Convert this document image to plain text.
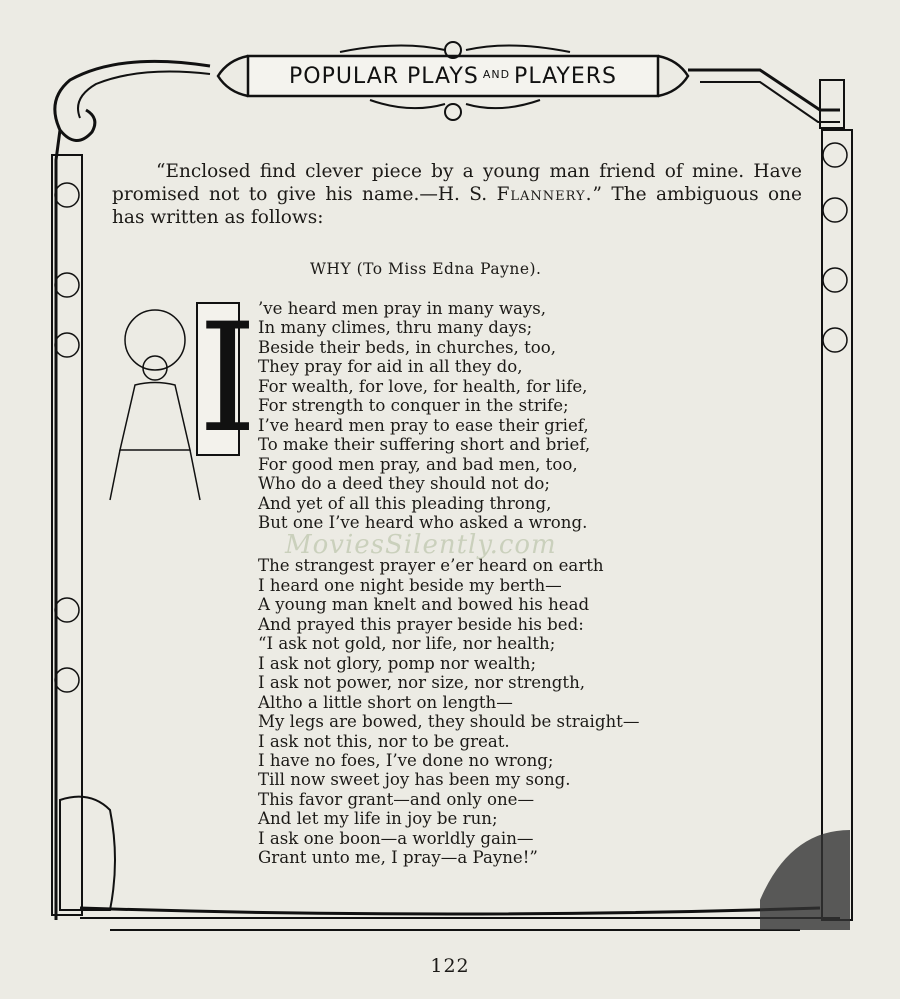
POPULAR PLAYS AND PLAYERS

“Enclosed find clever piece by a young man friend of mine. Have promised not to give his name.—H. S. Flannery.” The ambiguous one has written as follows:

WHY (To Miss Edna Payne).
I ’ve heard men pray in many ways,
In many climes, thru many days;
Beside their beds, in churches, too,
They pray for aid in all they do,
For wealth, for love, for health, for life,
For strength to conquer in the strife;
I’ve heard men pray to ease their grief,
To make their suffering short and brief,
For good men pray, and bad men, too,
Who do a deed they should not do;
And yet of all this pleading throng,
But one I’ve heard who asked a wrong.
The strangest prayer e’er heard on earth
I heard one night beside my berth—
A young man knelt and bowed his head
And prayed this prayer beside his bed:
“I ask not gold, nor life, nor health;
I ask not glory, pomp nor wealth;
I ask not power, nor size, nor strength,
Altho a little short on length—
My legs are bowed, they should be straight—
I ask not this, nor to be great.
I have no foes, I’ve done no wrong;
Till now sweet joy has been my song.
This favor grant—and only one—
And let my life in joy be run;
I ask one boon—a worldly gain—
Grant unto me, I pray—a Payne!”
MoviesSilently.com
122
